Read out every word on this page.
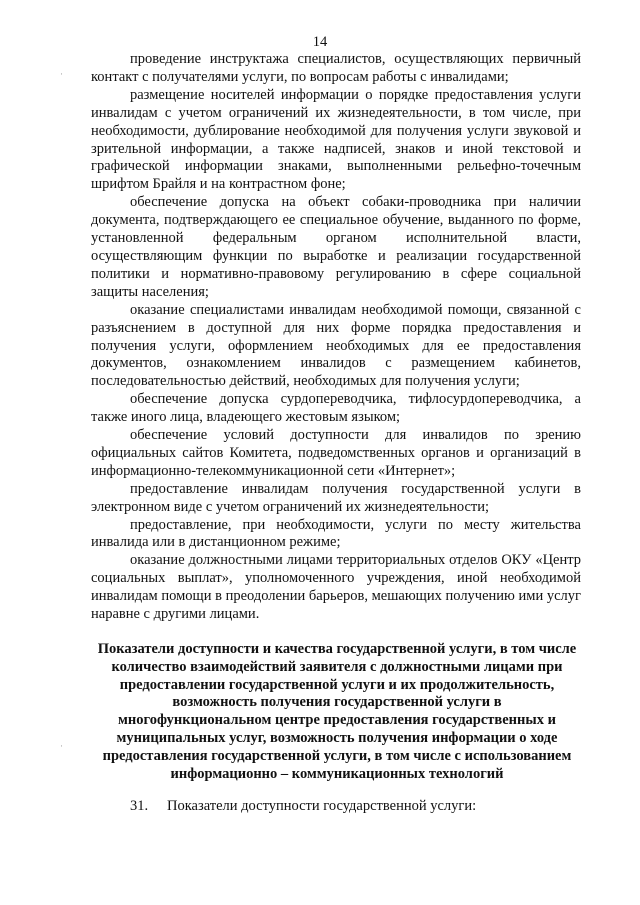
14
·
·

проведение инструктажа специалистов, осуществляющих первичный контакт с получателями услуги, по вопросам работы с инвалидами;

размещение носителей информации о порядке предоставления услуги инвалидам с учетом ограничений их жизнедеятельности, в том числе, при необходимости, дублирование необходимой для получения услуги звуковой и зрительной информации, а также надписей, знаков и иной текстовой и графической информации знаками, выполненными рельефно-точечным шрифтом Брайля и на контрастном фоне;

обеспечение допуска на объект собаки-проводника при наличии документа, подтверждающего ее специальное обучение, выданного по форме, установленной федеральным органом исполнительной власти, осуществляющим функции по выработке и реализации государственной политики и нормативно-правовому регулированию в сфере социальной защиты населения;

оказание специалистами инвалидам необходимой помощи, связанной с разъяснением в доступной для них форме порядка предоставления и получения услуги, оформлением необходимых для ее предоставления документов, ознакомлением инвалидов с размещением кабинетов, последовательностью действий, необходимых для получения услуги;

обеспечение допуска сурдопереводчика, тифлосурдопереводчика, а также иного лица, владеющего жестовым языком;

обеспечение условий доступности для инвалидов по зрению официальных сайтов Комитета, подведомственных органов и организаций в информационно-телекоммуникационной сети «Интернет»;

предоставление инвалидам получения государственной услуги в электронном виде с учетом ограничений их жизнедеятельности;

предоставление, при необходимости, услуги по месту жительства инвалида или в дистанционном режиме;

оказание должностными лицами территориальных отделов ОКУ «Центр социальных выплат», уполномоченного учреждения, иной необходимой инвалидам помощи в преодолении барьеров, мешающих получению ими услуг наравне с другими лицами.

Показатели доступности и качества государственной услуги, в том числе количество взаимодействий заявителя с должностными лицами при предоставлении государственной услуги и их продолжительность, возможность получения государственной услуги в многофункциональном центре предоставления государственных и муниципальных услуг, возможность получения информации о ходе предоставления государственной услуги, в том числе с использованием информационно – коммуникационных технологий

31. Показатели доступности государственной услуги:
